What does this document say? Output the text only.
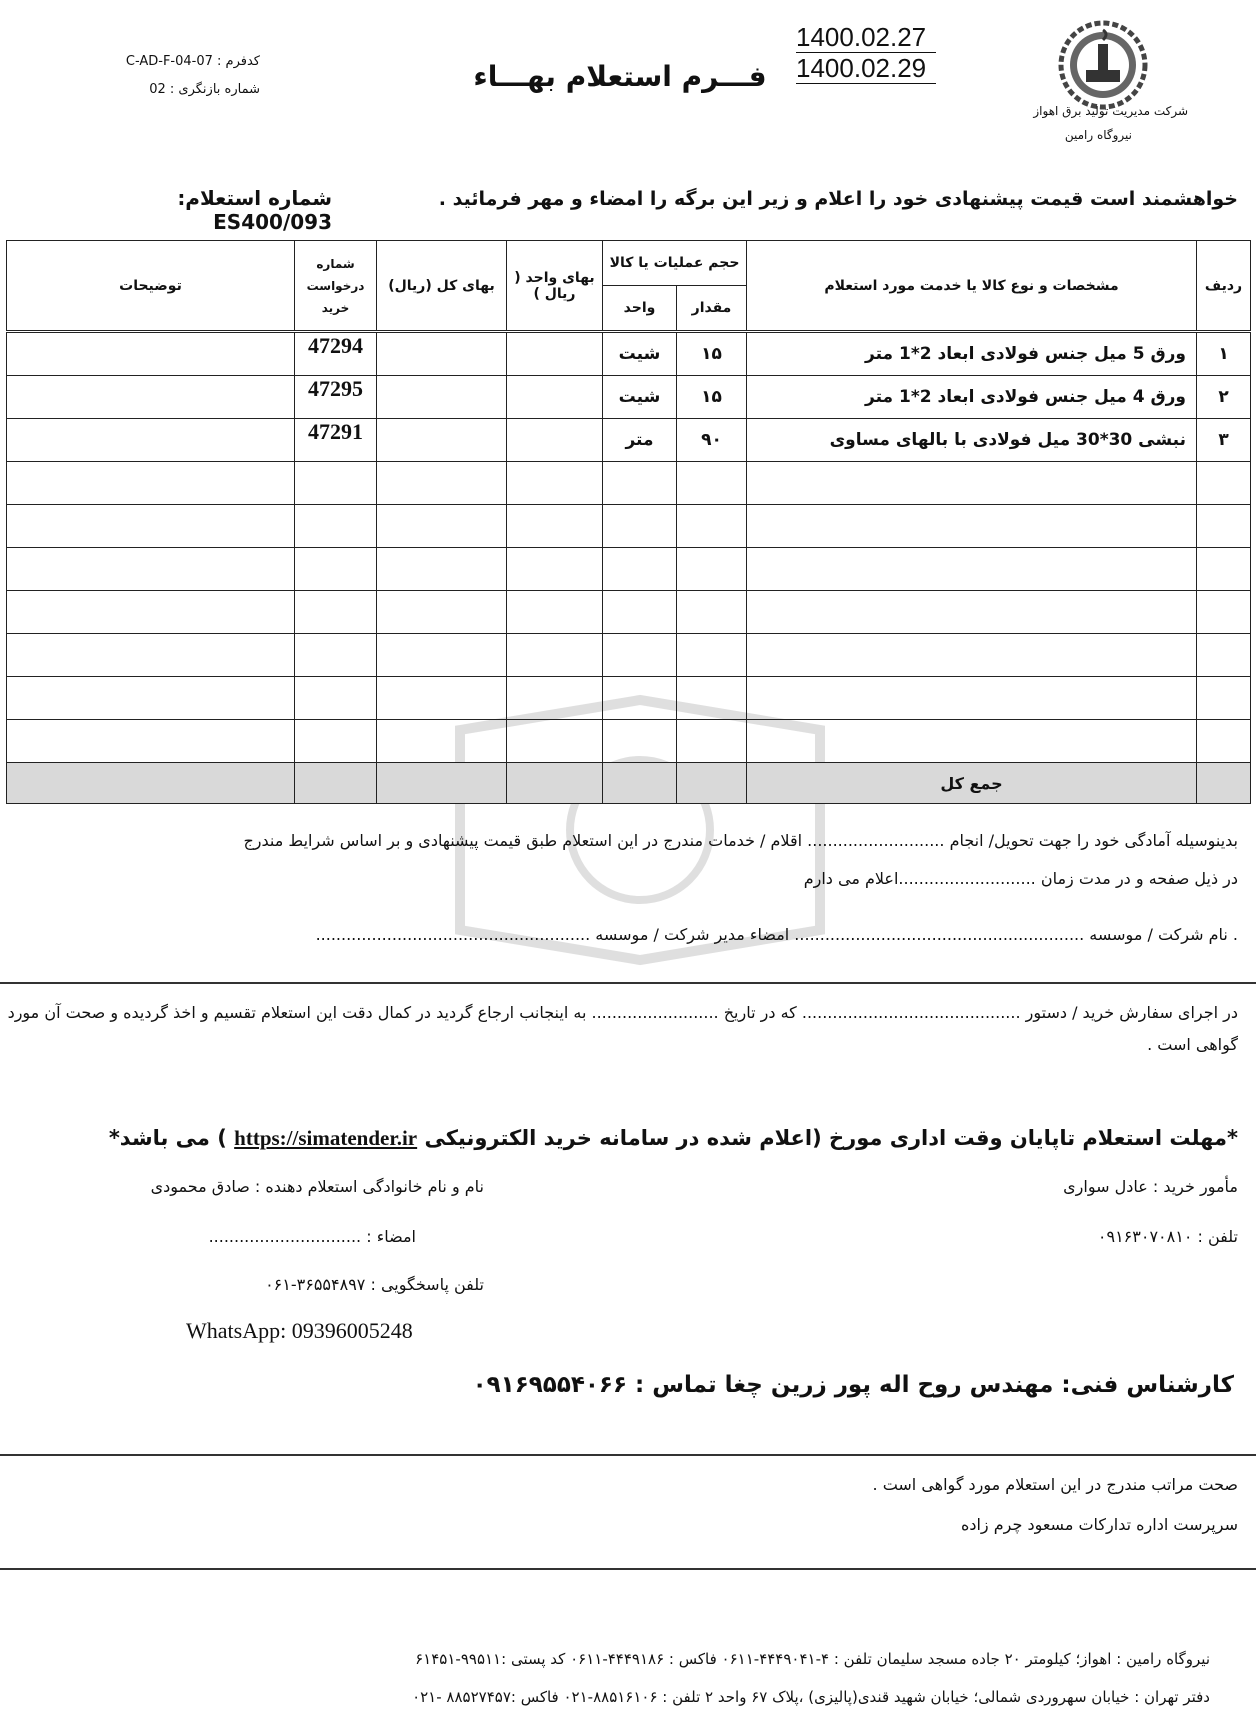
شرکت مدیریت تولید برق اهواز
نیروگاه رامین
1400.02.27
1400.02.29
فـــرم استعلام بهـــاء
کدفرم : C-AD-F-04-07
شماره بازنگری : 02
خواهشمند است قیمت پیشنهادی خود را اعلام و زیر این برگه را امضاء و مهر فرمائید .
شماره استعلام: ES400/093
ردیف	مشخصات و نوع کالا یا خدمت مورد استعلام	حجم عملیات یا کالا		بهای واحد ( ریال )	بهای کل (ریال)	شماره درخواست خرید	توضیحات
		مقدار	واحد				
۱	ورق 5 میل جنس فولادی ابعاد 2*1 متر	۱۵	شیت			47294	
۲	ورق 4 میل جنس فولادی ابعاد 2*1 متر	۱۵	شیت			47295	
۳	نبشی 30*30 میل فولادی با بالهای مساوی	۹۰	متر			47291	

	جمع کل						
بدینوسیله آمادگی خود را جهت تحویل/ انجام ........................... اقلام / خدمات مندرج در این استعلام طبق قیمت پیشنهادی و بر اساس شرایط مندرج
در ذیل صفحه و در مدت زمان ...........................اعلام می دارم
. نام شرکت / موسسه ......................................................... امضاء مدیر شرکت / موسسه ......................................................
در اجرای سفارش خرید / دستور ........................................... که در تاریخ ......................... به اینجانب ارجاع گردید در کمال دقت این استعلام تقسیم و اخذ گردیده و صحت آن مورد
گواهی است .
*مهلت استعلام تاپایان وقت اداری مورخ (اعلام شده در سامانه خرید الکترونیکی https://simatender.ir ) می باشد*
مأمور خرید : عادل سواری
نام و نام خانوادگی استعلام دهنده : صادق محمودی
تلفن : ۰۹۱۶۳۰۷۰۸۱۰
امضاء : ..............................
تلفن پاسخگویی : ۳۶۵۵۴۸۹۷-۰۶۱
WhatsApp: 09396005248
کارشناس فنی: مهندس روح اله پور زرین چغا تماس : ۰۹۱۶۹۵۵۴۰۶۶
صحت مراتب مندرج در این استعلام مورد گواهی است .
سرپرست اداره تدارکات مسعود چرم زاده
نیروگاه رامین : اهواز؛ کیلومتر ۲۰ جاده مسجد سلیمان تلفن : ۴-۴۴۴۹۰۴۱-۰۶۱۱ فاکس : ۴۴۴۹۱۸۶-۰۶۱۱ کد پستی :۹۹۵۱۱-۶۱۴۵۱
دفتر تهران : خیابان سهروردی شمالی؛ خیابان شهید قندی(پالیزی) ،پلاک ۶۷ واحد ۲ تلفن : ۸۸۵۱۶۱۰۶-۰۲۱ فاکس :۸۸۵۲۷۴۵۷ -۰۲۱
